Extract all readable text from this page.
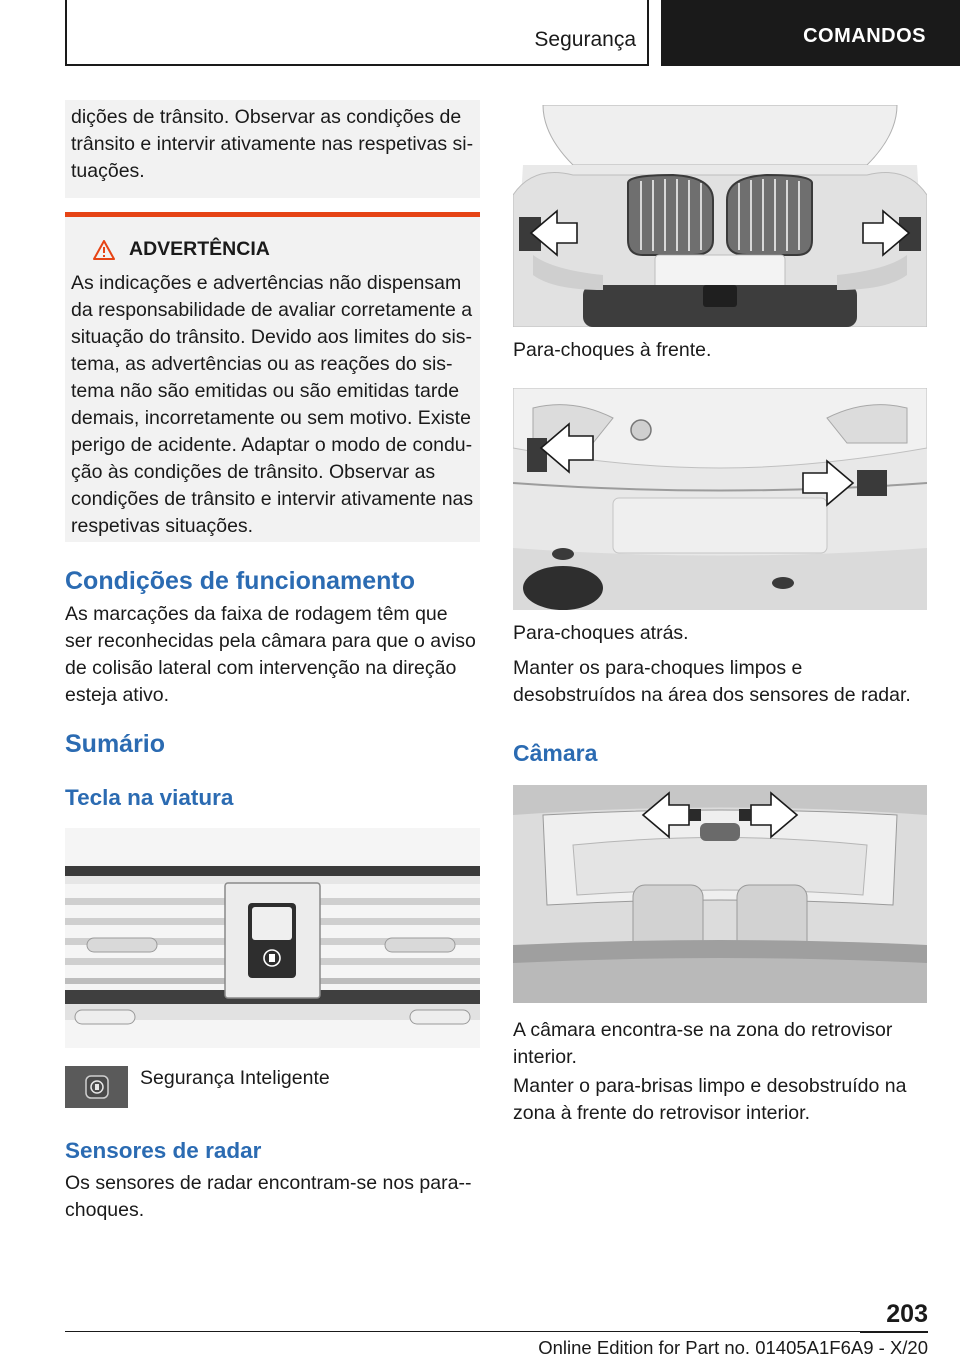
Segurança	COMANDOS

dições de trânsito. Observar as condições de trânsito e intervir ativamente nas respetivas situações.

ADVERTÊNCIA

As indicações e advertências não dispensam da responsabilidade de avaliar corretamente a situação do trânsito. Devido aos limites do sistema, as advertências ou as reações do sistema não são emitidas ou são emitidas tarde demais, incorretamente ou sem motivo. Existe perigo de acidente. Adaptar o modo de condução às condições de trânsito. Observar as condições de trânsito e intervir ativamente nas respetivas situações.

Condições de funcionamento

As marcações da faixa de rodagem têm que ser reconhecidas pela câmara para que o aviso de colisão lateral com intervenção na direção esteja ativo.

Sumário
Tecla na viatura

Segurança Inteligente

Sensores de radar

Os sensores de radar encontram-se nos para-choques.

Para-choques à frente.

Para-choques atrás.

Manter os para-choques limpos e desobstruídos na área dos sensores de radar.

Câmara

A câmara encontra-se na zona do retrovisor interior.

Manter o para-brisas limpo e desobstruído na zona à frente do retrovisor interior.

203
Online Edition for Part no. 01405A1F6A9 - X/20
